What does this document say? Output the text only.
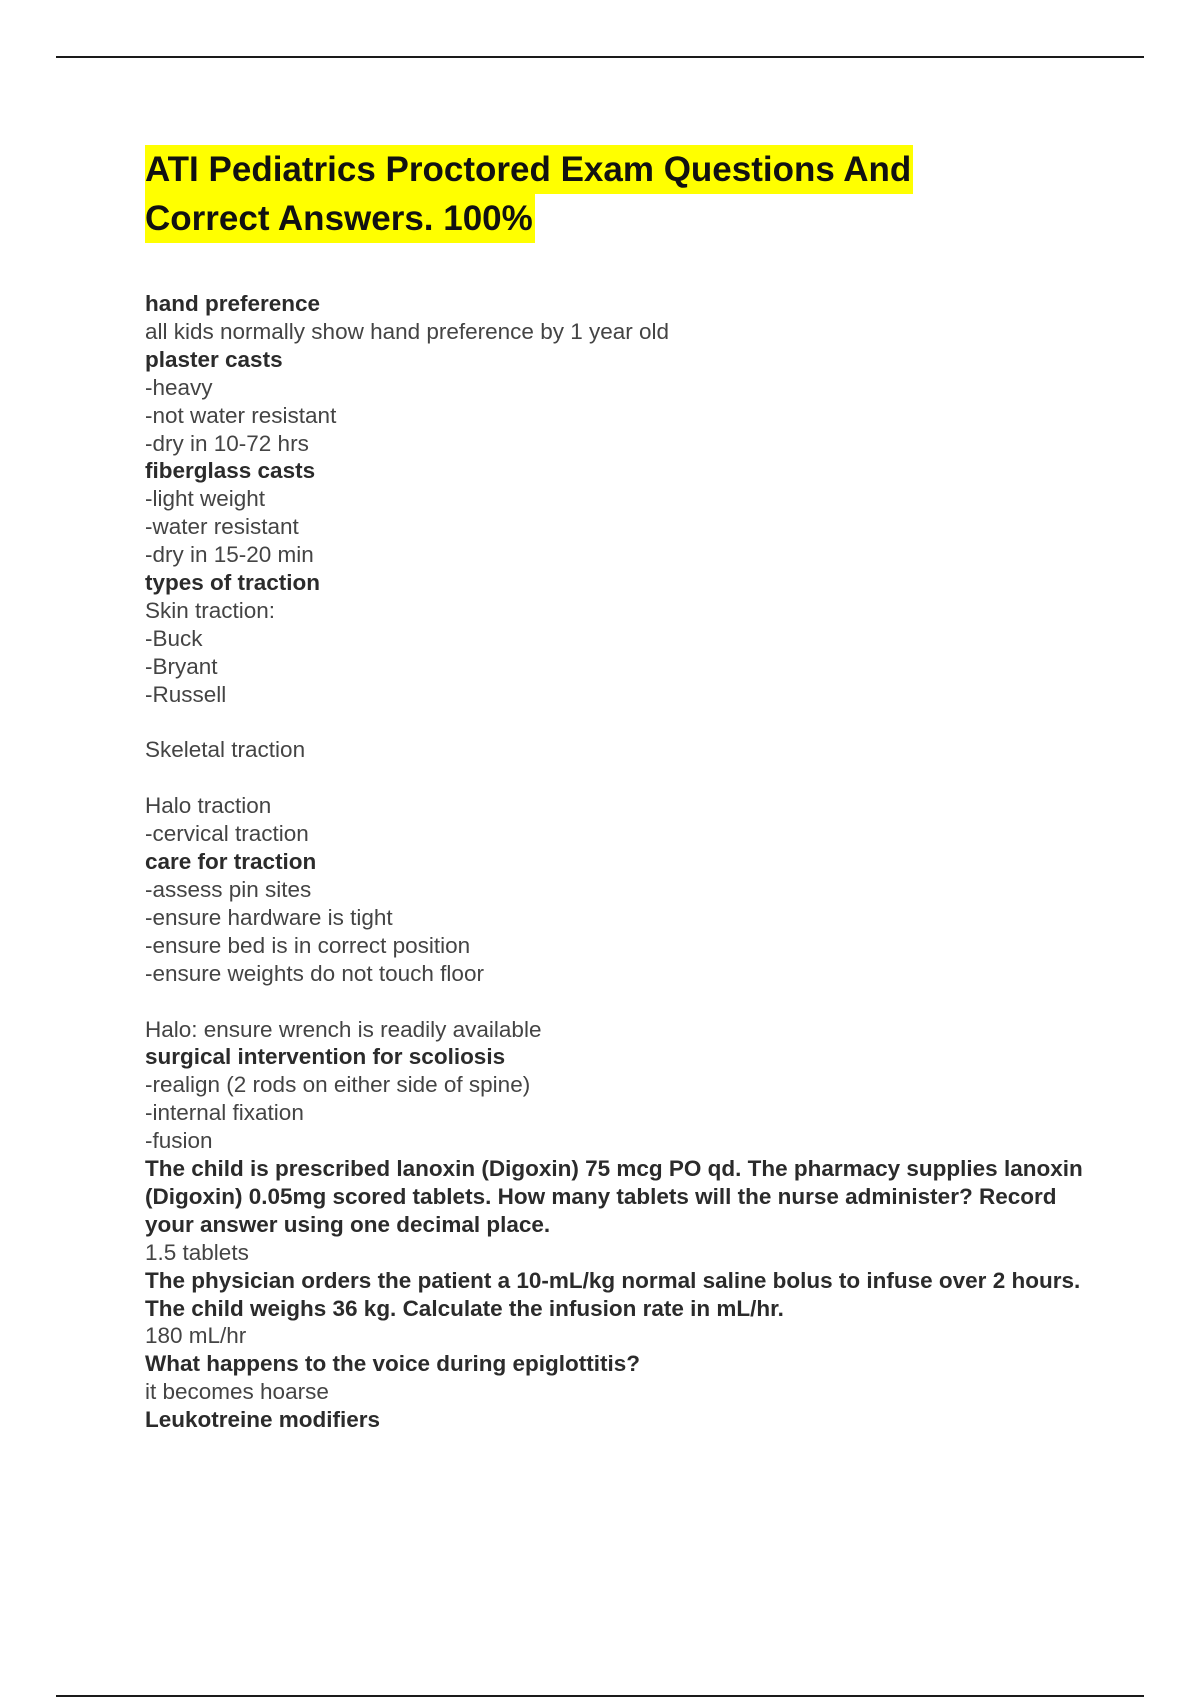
ATI Pediatrics Proctored Exam Questions And
Correct Answers. 100%
hand preference
all kids normally show hand preference by 1 year old
plaster casts
-heavy
-not water resistant
-dry in 10-72 hrs
fiberglass casts
-light weight
-water resistant
-dry in 15-20 min
types of traction
Skin traction:
-Buck
-Bryant
-Russell
Skeletal traction
Halo traction
-cervical traction
care for traction
-assess pin sites
-ensure hardware is tight
-ensure bed is in correct position
-ensure weights do not touch floor
Halo: ensure wrench is readily available
surgical intervention for scoliosis
-realign (2 rods on either side of spine)
-internal fixation
-fusion
The child is prescribed lanoxin (Digoxin) 75 mcg PO qd. The pharmacy supplies lanoxin (Digoxin) 0.05mg scored tablets. How many tablets will the nurse administer? Record your answer using one decimal place.
1.5 tablets
The physician orders the patient a 10-mL/kg normal saline bolus to infuse over 2 hours. The child weighs 36 kg. Calculate the infusion rate in mL/hr.
180 mL/hr
What happens to the voice during epiglottitis?
it becomes hoarse
Leukotreine modifiers
